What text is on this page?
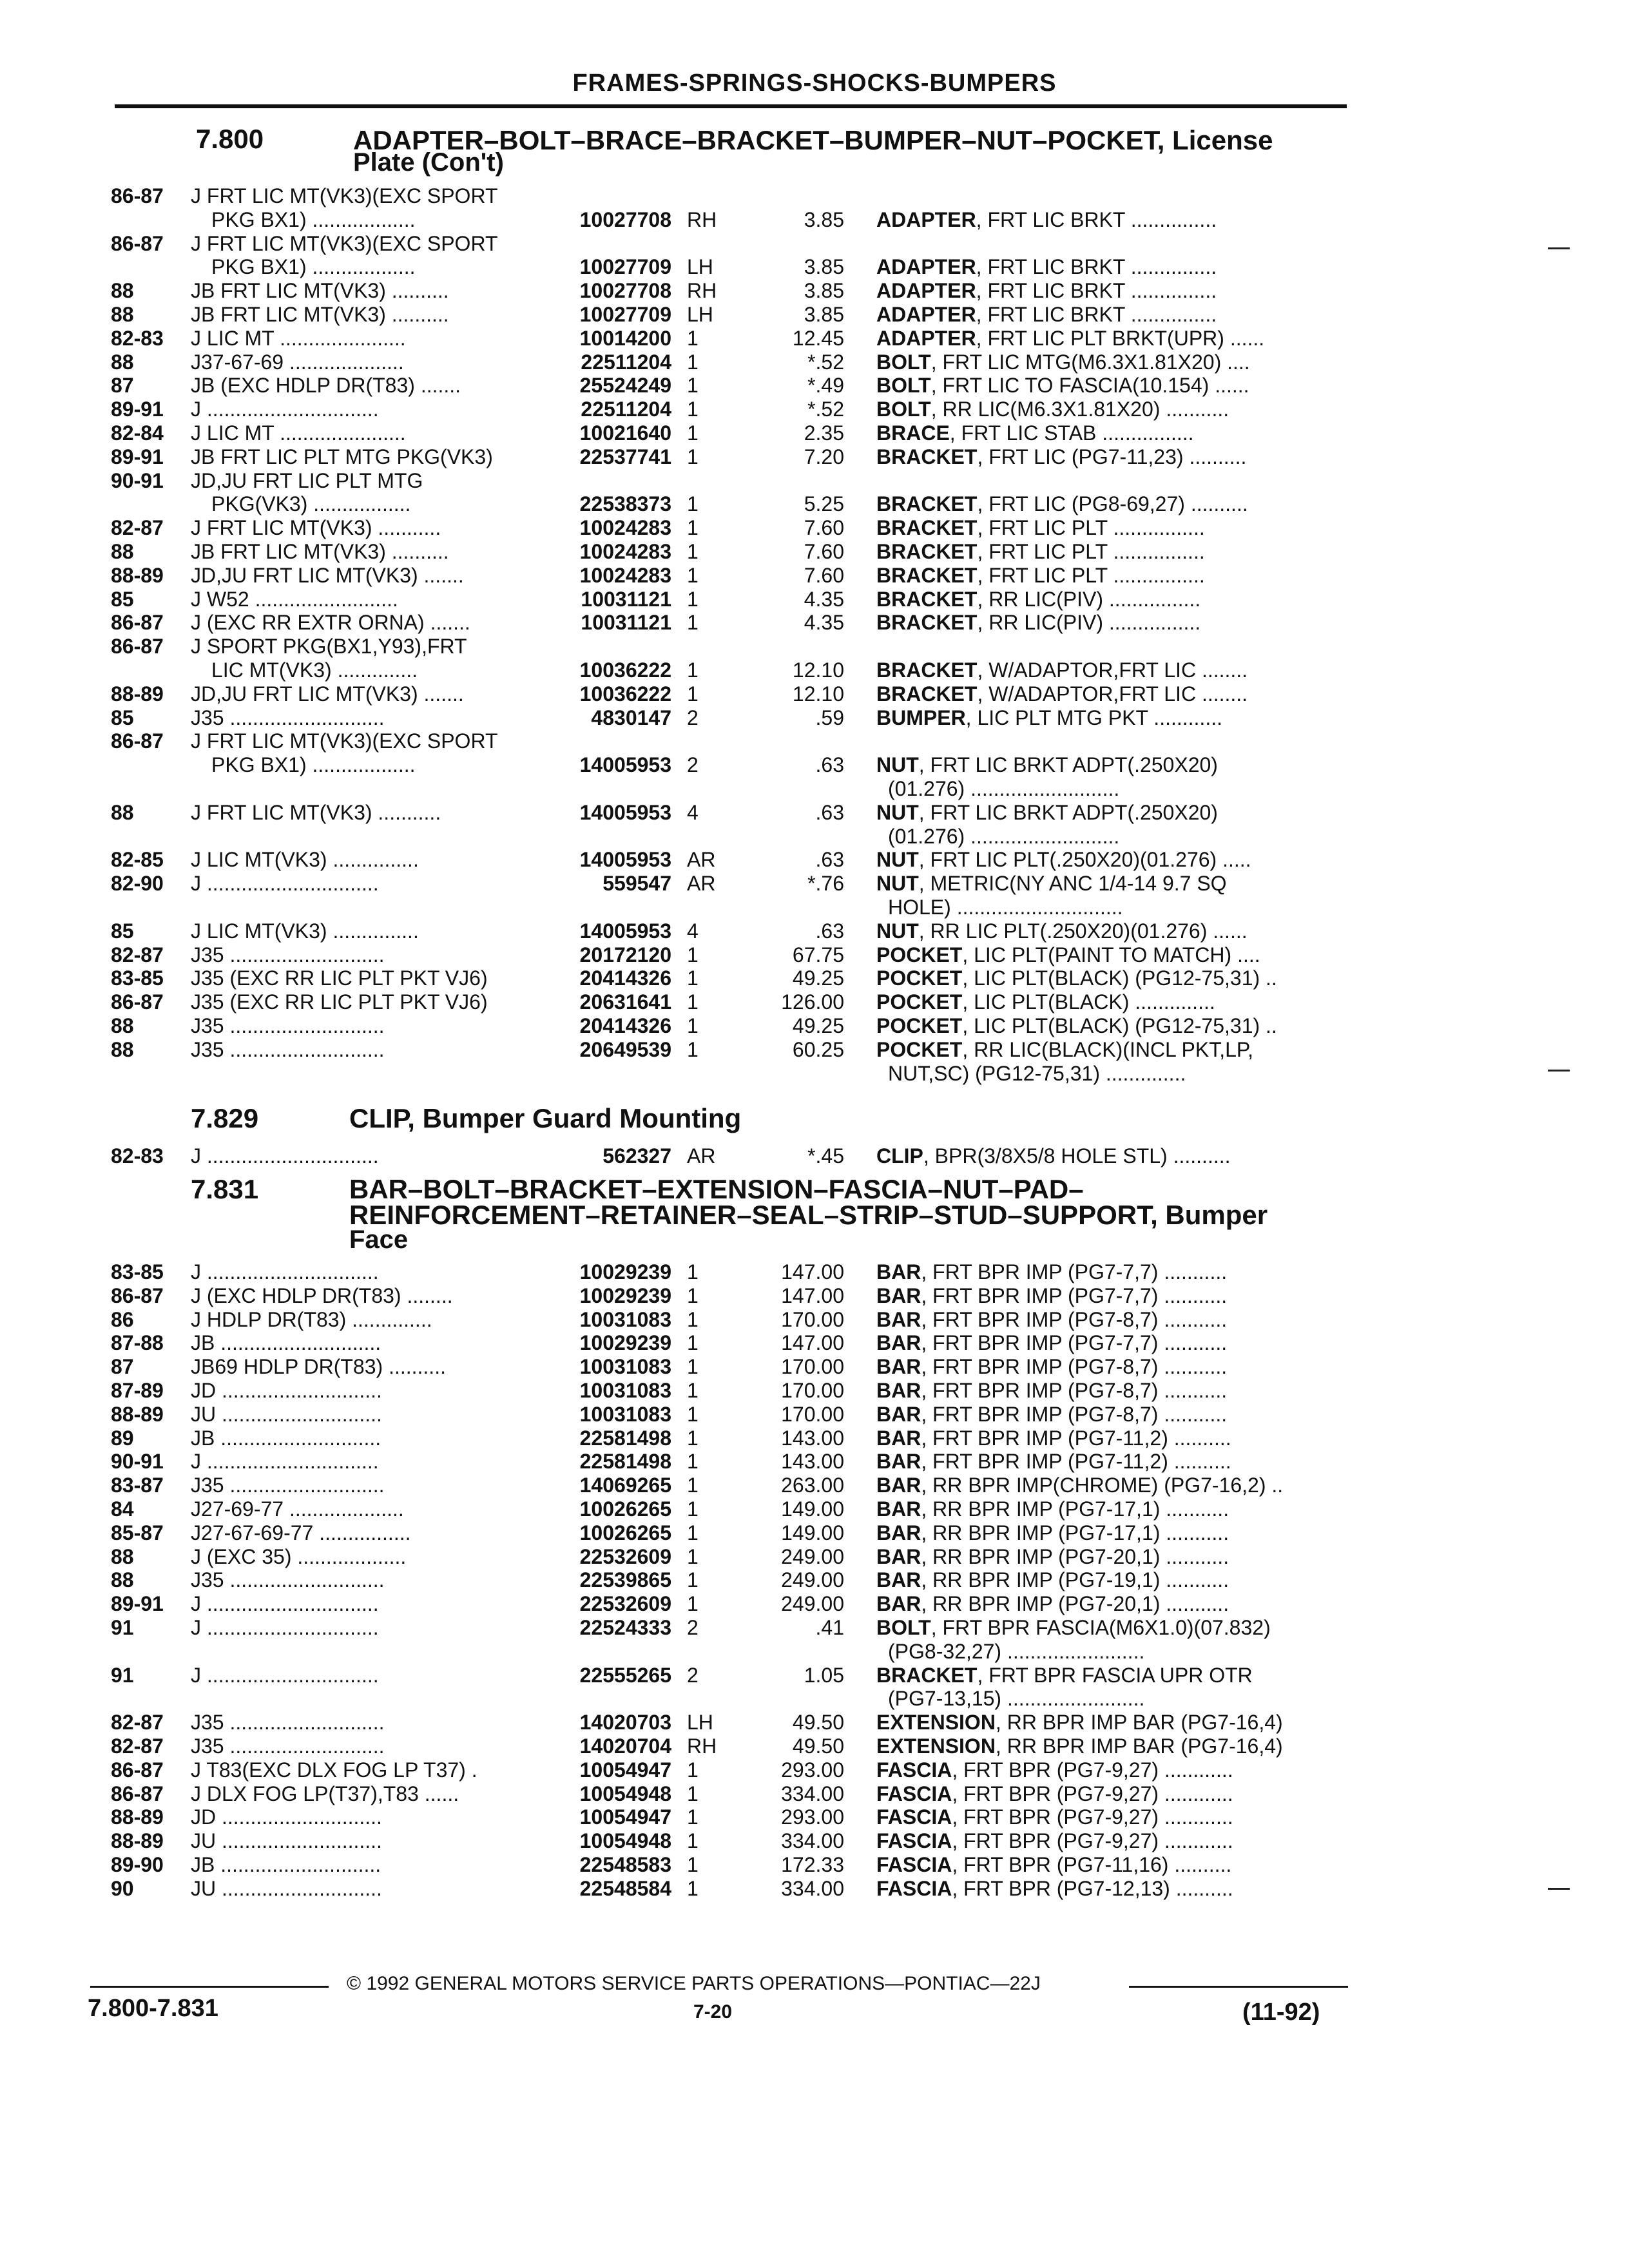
FRAMES-SPRINGS-SHOCKS-BUMPERS
7.800	ADAPTER–BOLT–BRACE–BRACKET–BUMPER–NUT–POCKET, License
Plate (Con't)
7.829	CLIP, Bumper Guard Mounting
7.831	BAR–BOLT–BRACKET–EXTENSION–FASCIA–NUT–PAD–
REINFORCEMENT–RETAINER–SEAL–STRIP–STUD–SUPPORT, Bumper
Face
86-87 J FRT LIC MT(VK3)(EXC SPORT
PKG BX1) ..................	10027708 RH	3.85 ADAPTER, FRT LIC BRKT ...............
86-87 J FRT LIC MT(VK3)(EXC SPORT
PKG BX1) ..................	10027709 LH	3.85 ADAPTER, FRT LIC BRKT ...............
88	JB FRT LIC MT(VK3) ..........	10027708 RH	3.85 ADAPTER, FRT LIC BRKT ...............
88	JB FRT LIC MT(VK3) ..........	10027709 LH	3.85 ADAPTER, FRT LIC BRKT ...............
82-83 J LIC MT ......................	10014200 1	12.45 ADAPTER, FRT LIC PLT BRKT(UPR) ......
88	J37-67-69 ....................	22511204 1	*.52 BOLT, FRT LIC MTG(M6.3X1.81X20) ....
87	JB (EXC HDLP DR(T83) .......	25524249 1	*.49 BOLT, FRT LIC TO FASCIA(10.154) ......
89-91 J ..............................	22511204 1	*.52 BOLT, RR LIC(M6.3X1.81X20) ...........
82-84 J LIC MT ......................	10021640 1	2.35 BRACE, FRT LIC STAB ................
89-91 JB FRT LIC PLT MTG PKG(VK3)	22537741 1	7.20 BRACKET, FRT LIC (PG7-11,23) ..........
90-91 JD,JU FRT LIC PLT MTG
PKG(VK3) .................	22538373 1	5.25 BRACKET, FRT LIC (PG8-69,27) ..........
82-87 J FRT LIC MT(VK3) ...........	10024283 1	7.60 BRACKET, FRT LIC PLT ................
88	JB FRT LIC MT(VK3) ..........	10024283 1	7.60 BRACKET, FRT LIC PLT ................
88-89 JD,JU FRT LIC MT(VK3) .......	10024283 1	7.60 BRACKET, FRT LIC PLT ................
85	J W52 .........................	10031121 1	4.35 BRACKET, RR LIC(PIV) ................
86-87 J (EXC RR EXTR ORNA) .......	10031121 1	4.35 BRACKET, RR LIC(PIV) ................
86-87 J SPORT PKG(BX1,Y93),FRT
LIC MT(VK3) ..............	10036222 1	12.10 BRACKET, W/ADAPTOR,FRT LIC ........
88-89 JD,JU FRT LIC MT(VK3) .......	10036222 1	12.10 BRACKET, W/ADAPTOR,FRT LIC ........
85	J35 ...........................	4830147 2	.59 BUMPER, LIC PLT MTG PKT ............
86-87 J FRT LIC MT(VK3)(EXC SPORT
PKG BX1) ..................	14005953 2	.63 NUT, FRT LIC BRKT ADPT(.250X20)
(01.276) ..........................
88	J FRT LIC MT(VK3) ...........	14005953 4	.63 NUT, FRT LIC BRKT ADPT(.250X20)
(01.276) ..........................
82-85 J LIC MT(VK3) ...............	14005953 AR	.63 NUT, FRT LIC PLT(.250X20)(01.276) .....
82-90 J ..............................	559547 AR	*.76 NUT, METRIC(NY ANC 1/4-14 9.7 SQ
HOLE) .............................
85	J LIC MT(VK3) ...............	14005953 4	.63 NUT, RR LIC PLT(.250X20)(01.276) ......
82-87 J35 ...........................	20172120 1	67.75 POCKET, LIC PLT(PAINT TO MATCH) ....
83-85 J35 (EXC RR LIC PLT PKT VJ6)	20414326 1	49.25 POCKET, LIC PLT(BLACK) (PG12-75,31) ..
86-87 J35 (EXC RR LIC PLT PKT VJ6)	20631641 1	126.00 POCKET, LIC PLT(BLACK) ..............
88	J35 ...........................	20414326 1	49.25 POCKET, LIC PLT(BLACK) (PG12-75,31) ..
88	J35 ...........................	20649539 1	60.25 POCKET, RR LIC(BLACK)(INCL PKT,LP,
NUT,SC) (PG12-75,31) ..............
82-83 J ..............................	562327 AR	*.45 CLIP, BPR(3/8X5/8 HOLE STL) ..........
83-85 J ..............................	10029239 1	147.00 BAR, FRT BPR IMP (PG7-7,7) ...........
86-87 J (EXC HDLP DR(T83) ........	10029239 1	147.00 BAR, FRT BPR IMP (PG7-7,7) ...........
86	J HDLP DR(T83) ..............	10031083 1	170.00 BAR, FRT BPR IMP (PG7-8,7) ...........
87-88 JB ............................	10029239 1	147.00 BAR, FRT BPR IMP (PG7-7,7) ...........
87	JB69 HDLP DR(T83) ..........	10031083 1	170.00 BAR, FRT BPR IMP (PG7-8,7) ...........
87-89 JD ............................	10031083 1	170.00 BAR, FRT BPR IMP (PG7-8,7) ...........
88-89 JU ............................	10031083 1	170.00 BAR, FRT BPR IMP (PG7-8,7) ...........
89	JB ............................	22581498 1	143.00 BAR, FRT BPR IMP (PG7-11,2) ..........
90-91 J ..............................	22581498 1	143.00 BAR, FRT BPR IMP (PG7-11,2) ..........
83-87 J35 ...........................	14069265 1	263.00 BAR, RR BPR IMP(CHROME) (PG7-16,2) ..
84	J27-69-77 ....................	10026265 1	149.00 BAR, RR BPR IMP (PG7-17,1) ...........
85-87 J27-67-69-77 ................	10026265 1	149.00 BAR, RR BPR IMP (PG7-17,1) ...........
88	J (EXC 35) ...................	22532609 1	249.00 BAR, RR BPR IMP (PG7-20,1) ...........
88	J35 ...........................	22539865 1	249.00 BAR, RR BPR IMP (PG7-19,1) ...........
89-91 J ..............................	22532609 1	249.00 BAR, RR BPR IMP (PG7-20,1) ...........
91	J ..............................	22524333 2	.41 BOLT, FRT BPR FASCIA(M6X1.0)(07.832)
(PG8-32,27) ........................
91	J ..............................	22555265 2	1.05 BRACKET, FRT BPR FASCIA UPR OTR
(PG7-13,15) ........................
82-87 J35 ...........................	14020703 LH	49.50 EXTENSION, RR BPR IMP BAR (PG7-16,4)
82-87 J35 ...........................	14020704 RH	49.50 EXTENSION, RR BPR IMP BAR (PG7-16,4)
86-87 J T83(EXC DLX FOG LP T37) .	10054947 1	293.00 FASCIA, FRT BPR (PG7-9,27) ............
86-87 J DLX FOG LP(T37),T83 ......	10054948 1	334.00 FASCIA, FRT BPR (PG7-9,27) ............
88-89 JD ............................	10054947 1	293.00 FASCIA, FRT BPR (PG7-9,27) ............
88-89 JU ............................	10054948 1	334.00 FASCIA, FRT BPR (PG7-9,27) ............
89-90 JB ............................	22548583 1	172.33 FASCIA, FRT BPR (PG7-11,16) ..........
90	JU ............................	22548584 1	334.00 FASCIA, FRT BPR (PG7-12,13) ..........
© 1992 GENERAL MOTORS SERVICE PARTS OPERATIONS—PONTIAC—22J
7.800-7.831	7-20	(11-92)
